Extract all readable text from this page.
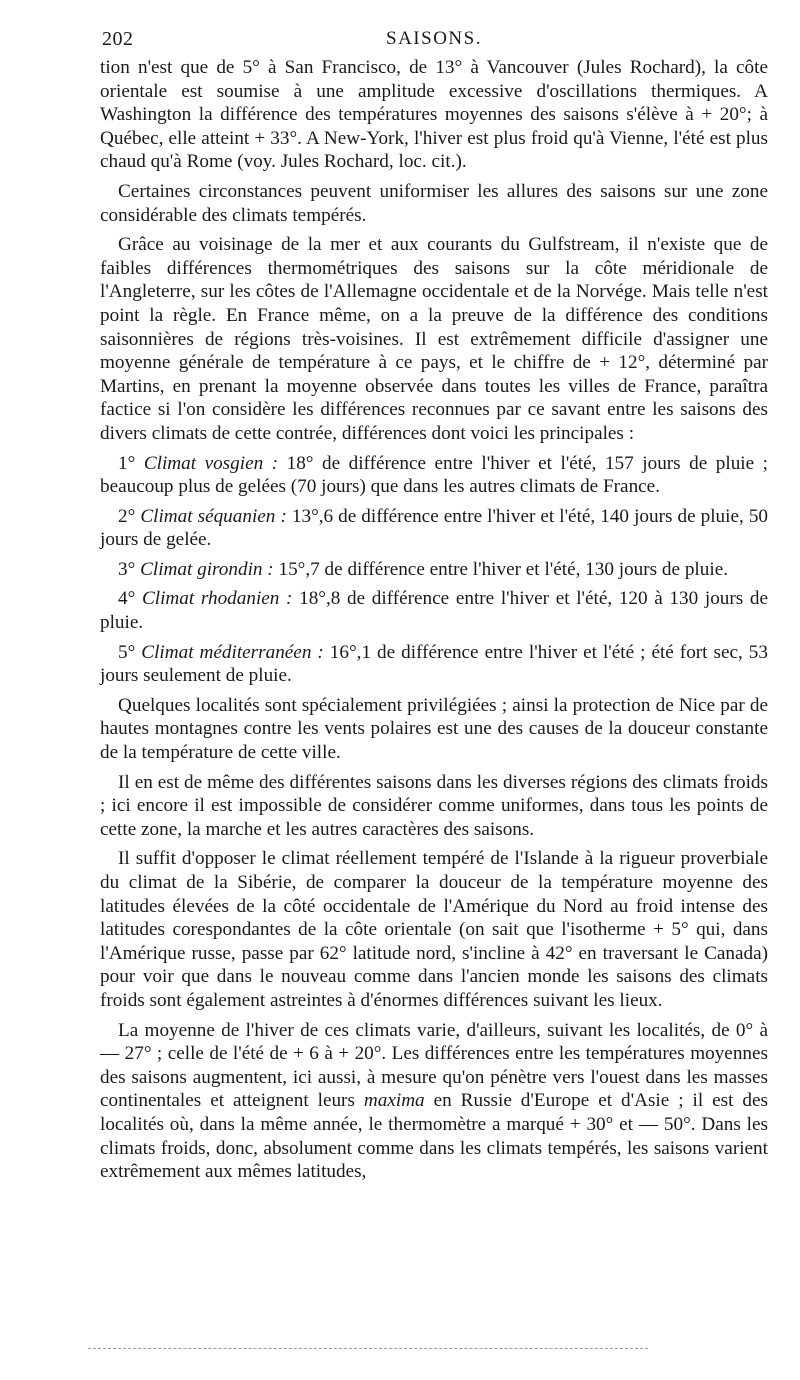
202	SAISONS.

tion n'est que de 5° à San Francisco, de 13° à Vancouver (Jules Rochard), la côte orientale est soumise à une amplitude excessive d'oscillations thermiques. A Washington la différence des températures moyennes des saisons s'élève à + 20°; à Québec, elle atteint + 33°. A New-York, l'hiver est plus froid qu'à Vienne, l'été est plus chaud qu'à Rome (voy. Jules Rochard, loc. cit.).

Certaines circonstances peuvent uniformiser les allures des saisons sur une zone considérable des climats tempérés.

Grâce au voisinage de la mer et aux courants du Gulfstream, il n'existe que de faibles différences thermométriques des saisons sur la côte méridionale de l'Angleterre, sur les côtes de l'Allemagne occidentale et de la Norvége. Mais telle n'est point la règle. En France même, on a la preuve de la différence des conditions saisonnières de régions très-voisines. Il est extrêmement difficile d'assigner une moyenne générale de température à ce pays, et le chiffre de + 12°, déterminé par Martins, en prenant la moyenne observée dans toutes les villes de France, paraîtra factice si l'on considère les différences reconnues par ce savant entre les saisons des divers climats de cette contrée, différences dont voici les principales :

1° Climat vosgien : 18° de différence entre l'hiver et l'été, 157 jours de pluie ; beaucoup plus de gelées (70 jours) que dans les autres climats de France.

2° Climat séquanien : 13°,6 de différence entre l'hiver et l'été, 140 jours de pluie, 50 jours de gelée.

3° Climat girondin : 15°,7 de différence entre l'hiver et l'été, 130 jours de pluie.

4° Climat rhodanien : 18°,8 de différence entre l'hiver et l'été, 120 à 130 jours de pluie.

5° Climat méditerranéen : 16°,1 de différence entre l'hiver et l'été ; été fort sec, 53 jours seulement de pluie.

Quelques localités sont spécialement privilégiées ; ainsi la protection de Nice par de hautes montagnes contre les vents polaires est une des causes de la douceur constante de la température de cette ville.

Il en est de même des différentes saisons dans les diverses régions des climats froids ; ici encore il est impossible de considérer comme uniformes, dans tous les points de cette zone, la marche et les autres caractères des saisons.

Il suffit d'opposer le climat réellement tempéré de l'Islande à la rigueur proverbiale du climat de la Sibérie, de comparer la douceur de la température moyenne des latitudes élevées de la côté occidentale de l'Amérique du Nord au froid intense des latitudes corespondantes de la côte orientale (on sait que l'isotherme + 5° qui, dans l'Amérique russe, passe par 62° latitude nord, s'incline à 42° en traversant le Canada) pour voir que dans le nouveau comme dans l'ancien monde les saisons des climats froids sont également astreintes à d'énormes différences suivant les lieux.

La moyenne de l'hiver de ces climats varie, d'ailleurs, suivant les localités, de 0° à — 27° ; celle de l'été de + 6 à + 20°. Les différences entre les températures moyennes des saisons augmentent, ici aussi, à mesure qu'on pénètre vers l'ouest dans les masses continentales et atteignent leurs maxima en Russie d'Europe et d'Asie ; il est des localités où, dans la même année, le thermomètre a marqué + 30° et — 50°. Dans les climats froids, donc, absolument comme dans les climats tempérés, les saisons varient extrêmement aux mêmes latitudes,
